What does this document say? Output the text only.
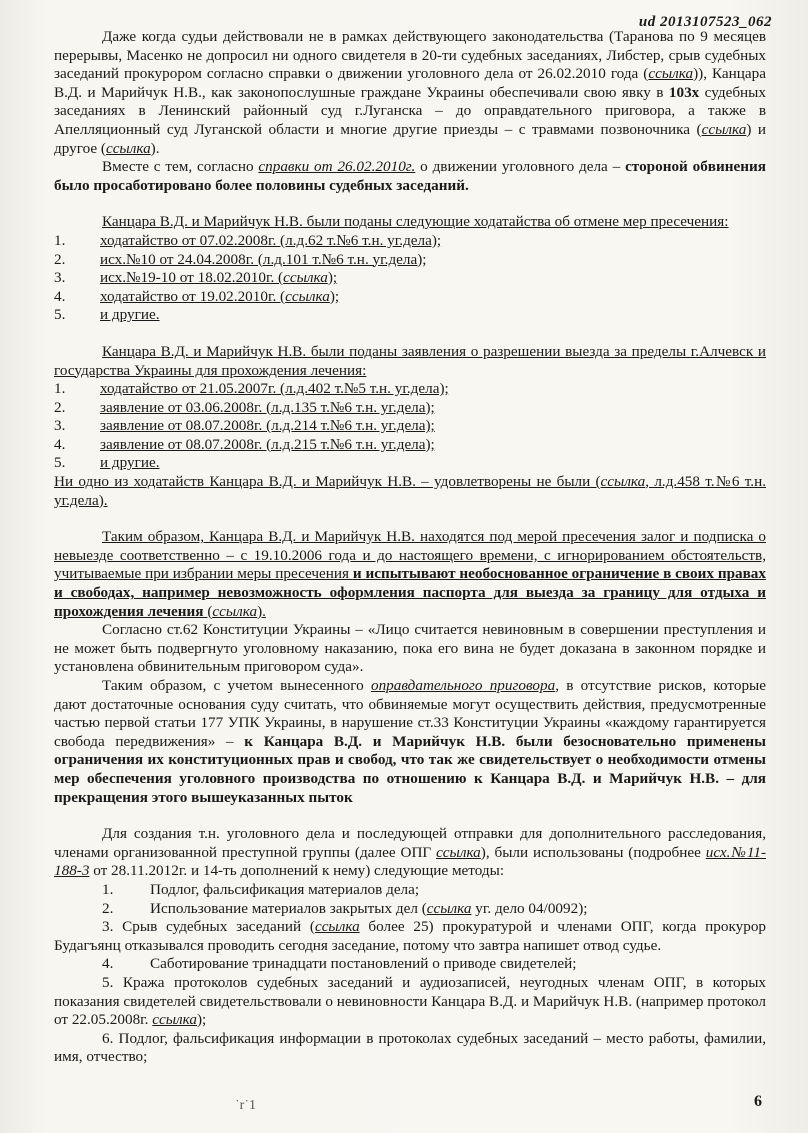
ud 2013107523_062

Даже когда судьи действовали не в рамках действующего законодательства (Таранова по 9 месяцев перерывы, Масенко не допросил ни одного свидетеля в 20-ти судебных заседаниях, Либстер, срыв судебных заседаний прокурором согласно справки о движении уголовного дела от 26.02.2010 года (ссылка)), Канцара В.Д. и Марийчук Н.В., как законопослушные граждане Украины обеспечивали свою явку в 103х судебных заседаниях в Ленинский районный суд г.Луганска – до оправдательного приговора, а также в Апелляционный суд Луганской области и многие другие приезды – с травмами позвоночника (ссылка) и другое (ссылка).

Вместе с тем, согласно справки от 26.02.2010г. о движении уголовного дела – стороной обвинения было просаботировано более половины судебных заседаний.

Канцара В.Д. и Марийчук Н.В. были поданы следующие ходатайства об отмене мер пресечения:

1.	ходатайство от 07.02.2008г. (л.д.62 т.№6 т.н. уг.дела);
2.	исх.№10 от 24.04.2008г. (л.д.101 т.№6 т.н. уг.дела);
3.	исх.№19-10 от 18.02.2010г. (ссылка);
4.	ходатайство от 19.02.2010г. (ссылка);
5.	и другие.

Канцара В.Д. и Марийчук Н.В. были поданы заявления о разрешении выезда за пределы г.Алчевск и государства Украины для прохождения лечения:

1.	ходатайство от 21.05.2007г. (л.д.402 т.№5 т.н. уг.дела);
2.	заявление от 03.06.2008г. (л.д.135 т.№6 т.н. уг.дела);
3.	заявление от 08.07.2008г. (л.д.214 т.№6 т.н. уг.дела);
4.	заявление от 08.07.2008г. (л.д.215 т.№6 т.н. уг.дела);
5.	и другие.

Ни одно из ходатайств Канцара В.Д. и Марийчук Н.В. – удовлетворены не были (ссылка, л.д.458 т.№6 т.н. уг.дела).

Таким образом, Канцара В.Д. и Марийчук Н.В. находятся под мерой пресечения залог и подписка о невыезде соответственно – с 19.10.2006 года и до настоящего времени, с игнорированием обстоятельств, учитываемые при избрании меры пресечения и испытывают необоснованное ограничение в своих правах и свободах, например невозможность оформления паспорта для выезда за границу для отдыха и прохождения лечения (ссылка).

Согласно ст.62 Конституции Украины – «Лицо считается невиновным в совершении преступления и не может быть подвергнуто уголовному наказанию, пока его вина не будет доказана в законном порядке и установлена обвинительным приговором суда».

Таким образом, с учетом вынесенного оправдательного приговора, в отсутствие рисков, которые дают достаточные основания суду считать, что обвиняемые могут осуществить действия, предусмотренные частью первой статьи 177 УПК Украины, в нарушение ст.33 Конституции Украины «каждому гарантируется свобода передвижения» – к Канцара В.Д. и Марийчук Н.В. были безосновательно применены ограничения их конституционных прав и свобод, что так же свидетельствует о необходимости отмены мер обеспечения уголовного производства по отношению к Канцара В.Д. и Марийчук Н.В. – для прекращения этого вышеуказанных пыток

Для создания т.н. уголовного дела и последующей отправки для дополнительного расследования, членами организованной преступной группы (далее ОПГ ссылка), были использованы (подробнее исх.№11-188-3 от 28.11.2012г. и 14-ть дополнений к нему) следующие методы:

1.	Подлог, фальсификация материалов дела;
2.	Использование материалов закрытых дел (ссылка уг. дело 04/0092);

3. Срыв судебных заседаний (ссылка более 25) прокуратурой и членами ОПГ, когда прокурор Будагъянц отказывался проводить сегодня заседание, потому что завтра напишет отвод судье.

4.	Саботирование тринадцати постановлений о приводе свидетелей;

5. Кража протоколов судебных заседаний и аудиозаписей, неугодных членам ОПГ, в которых показания свидетелей свидетельствовали о невиновности Канцара В.Д. и Марийчук Н.В. (например протокол от 22.05.2008г. ссылка);

6. Подлог, фальсификация информации в протоколах судебных заседаний – место работы, фамилии, имя, отчество;

˙r˙1	6
